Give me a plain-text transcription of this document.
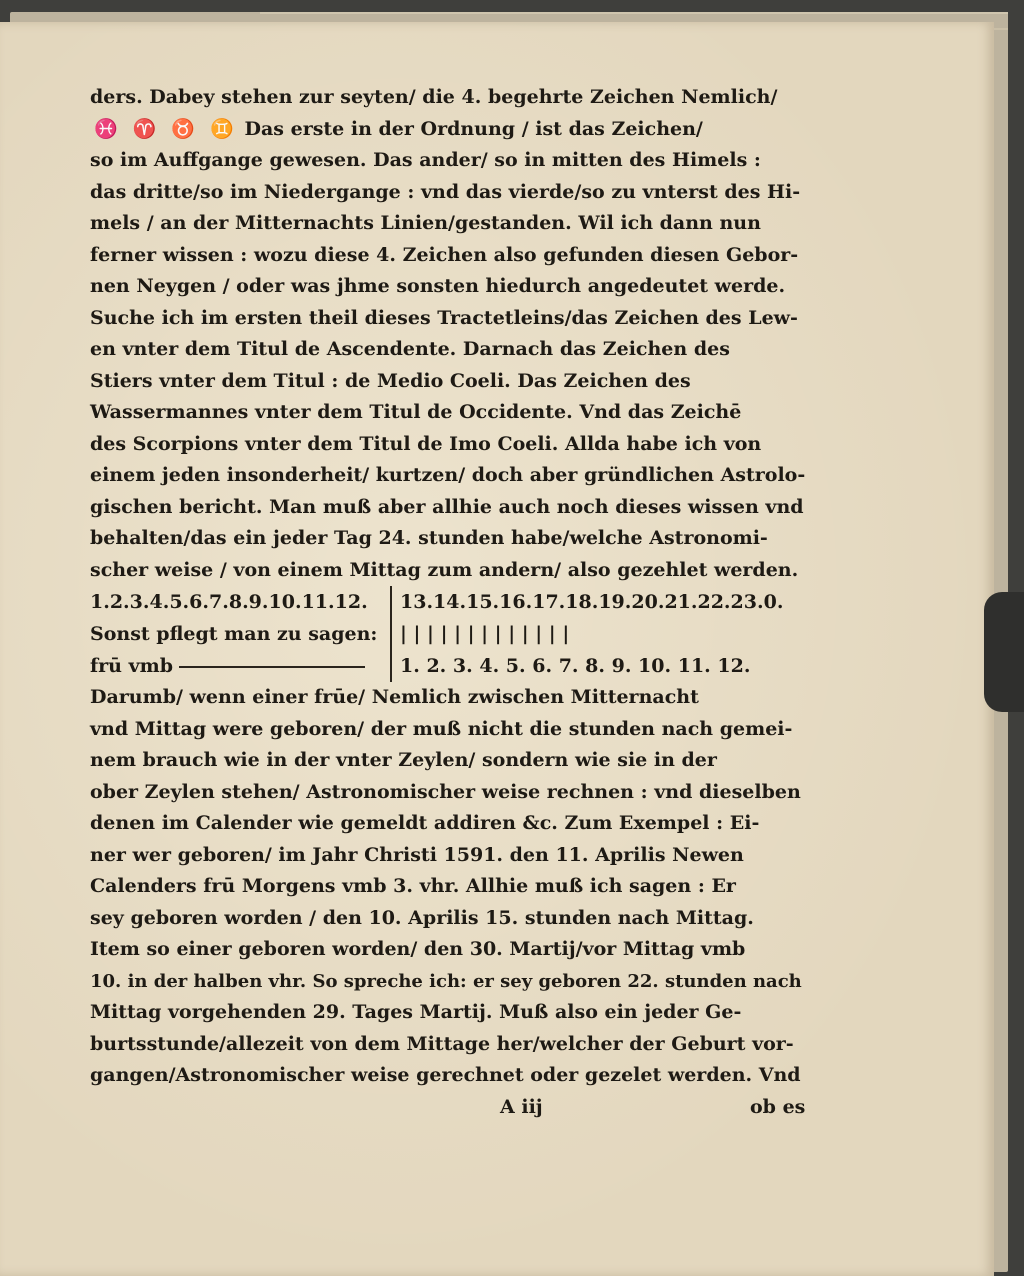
ders. Dabey stehen zur seyten/ die 4. begehrte Zeichen Nemlich/
♓ ♈ ♉ ♊ Das erste in der Ordnung / ist das Zeichen/
so im Auffgange gewesen. Das ander/ so in mitten des Himels :
das dritte/so im Niedergange : vnd das vierde/so zu vnterst des Hi-
mels / an der Mitternachts Linien/gestanden. Wil ich dann nun
ferner wissen : wozu diese 4. Zeichen also gefunden diesen Gebor-
nen Neygen / oder was jhme sonsten hiedurch angedeutet werde.
Suche ich im ersten theil dieses Tractetleins/das Zeichen des Lew-
en vnter dem Titul de Ascendente. Darnach das Zeichen des
Stiers vnter dem Titul : de Medio Coeli. Das Zeichen des
Wassermannes vnter dem Titul de Occidente. Vnd das Zeichē
des Scorpions vnter dem Titul de Imo Coeli. Allda habe ich von
einem jeden insonderheit/ kurtzen/ doch aber gründlichen Astrolo-
gischen bericht. Man muß aber allhie auch noch dieses wissen vnd
behalten/das ein jeder Tag 24. stunden habe/welche Astronomi-
scher weise / von einem Mittag zum andern/ also gezehlet werden.
1.2.3.4.5.6.7.8.9.10.11.12.
Sonst pflegt man zu sagen:
frū vmb
13.14.15.16.17.18.19.20.21.22.23.0.
| | | | | | | | | | | | |
1. 2. 3. 4. 5. 6. 7. 8. 9. 10. 11. 12.
Darumb/ wenn einer frūe/ Nemlich zwischen Mitternacht
vnd Mittag were geboren/ der muß nicht die stunden nach gemei-
nem brauch wie in der vnter Zeylen/ sondern wie sie in der
ober Zeylen stehen/ Astronomischer weise rechnen : vnd dieselben
denen im Calender wie gemeldt addiren &c. Zum Exempel : Ei-
ner wer geboren/ im Jahr Christi 1591. den 11. Aprilis Newen
Calenders frū Morgens vmb 3. vhr. Allhie muß ich sagen : Er
sey geboren worden / den 10. Aprilis 15. stunden nach Mittag.
Item so einer geboren worden/ den 30. Martij/vor Mittag vmb
10. in der halben vhr. So spreche ich: er sey geboren 22. stunden nach
Mittag vorgehenden 29. Tages Martij. Muß also ein jeder Ge-
burtsstunde/allezeit von dem Mittage her/welcher der Geburt vor-
gangen/Astronomischer weise gerechnet oder gezelet werden. Vnd
A iij	ob es
